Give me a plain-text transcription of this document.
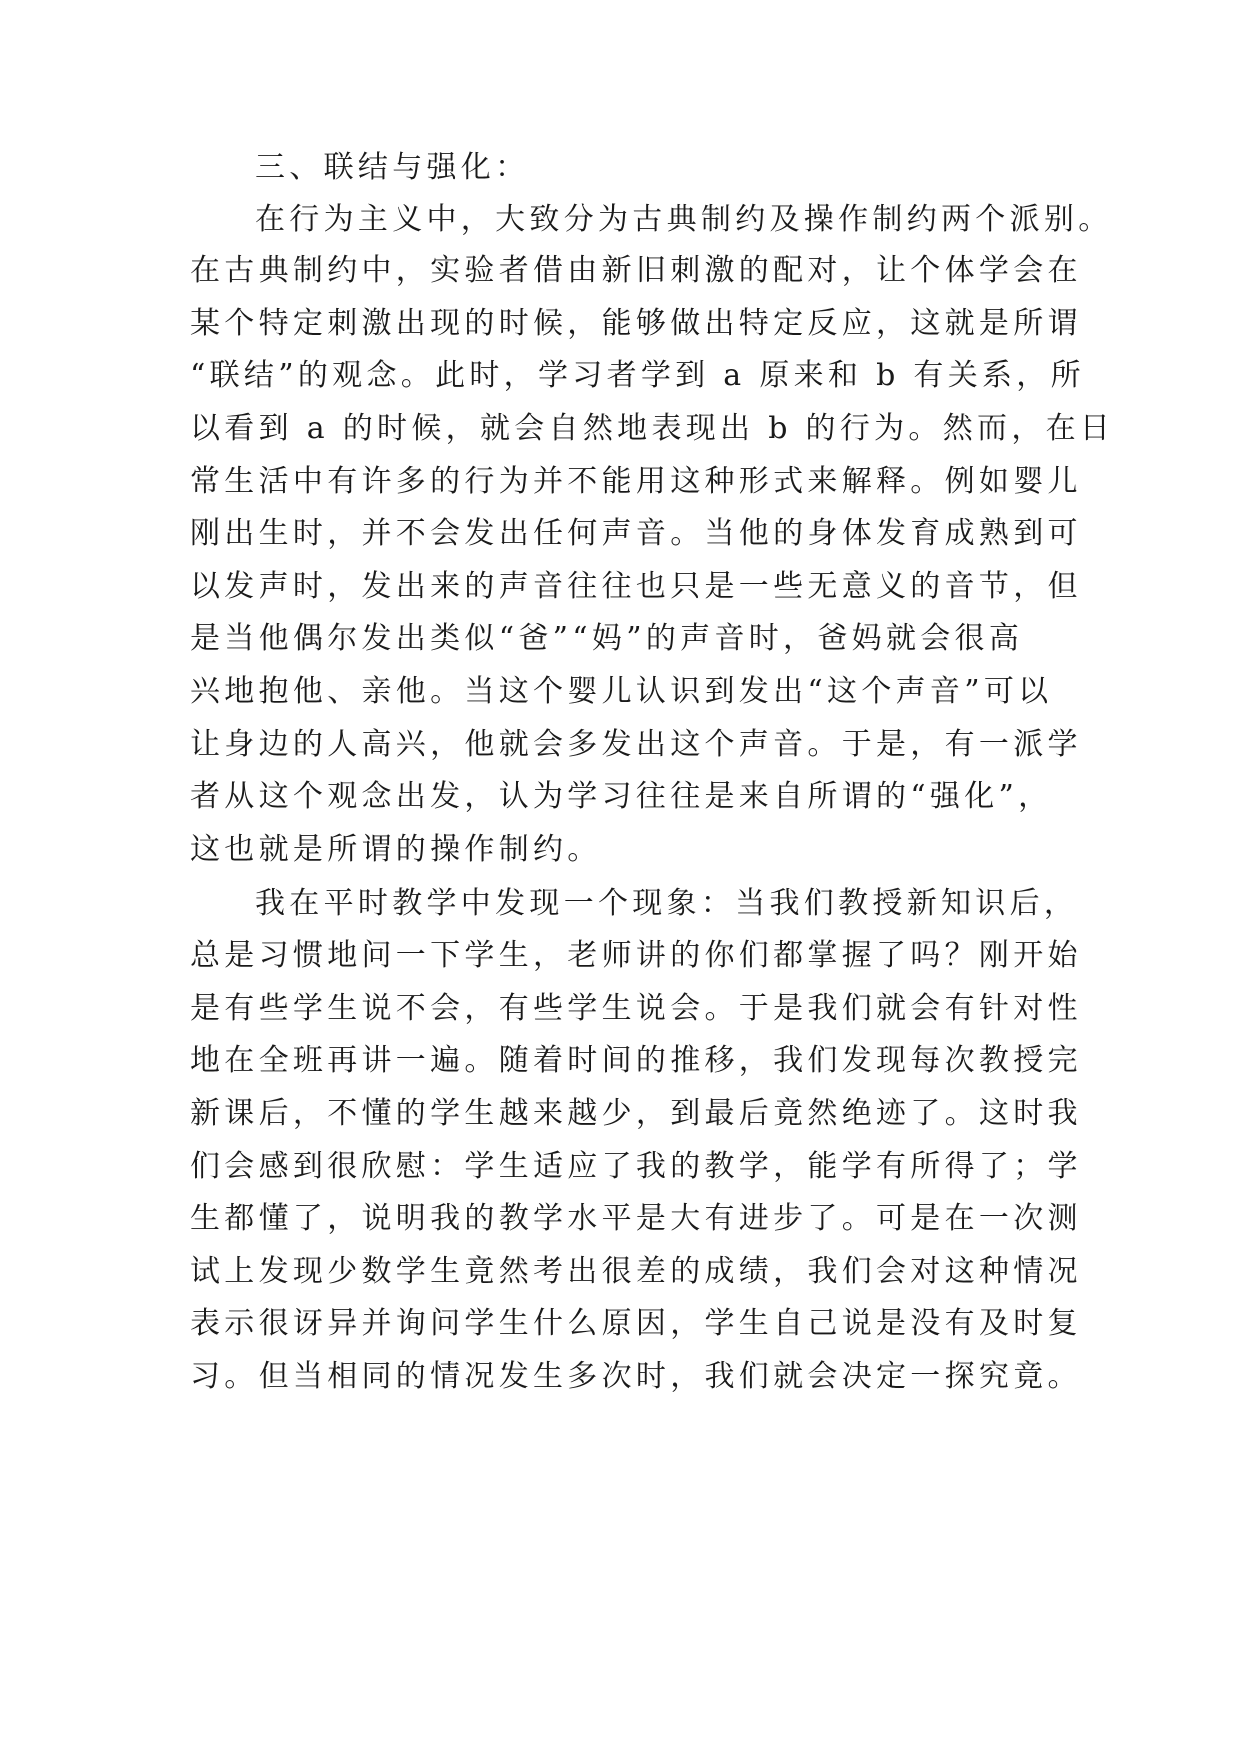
三、联结与强化：
在行为主义中，大致分为古典制约及操作制约两个派别。
在古典制约中，实验者借由新旧刺激的配对，让个体学会在
某个特定刺激出现的时候，能够做出特定反应，这就是所谓
“联结”的观念。此时，学习者学到 a 原来和 b 有关系，所
以看到 a 的时候，就会自然地表现出 b 的行为。然而，在日
常生活中有许多的行为并不能用这种形式来解释。例如婴儿
刚出生时，并不会发出任何声音。当他的身体发育成熟到可
以发声时，发出来的声音往往也只是一些无意义的音节，但
是当他偶尔发出类似“爸”“妈”的声音时，爸妈就会很高
兴地抱他、亲他。当这个婴儿认识到发出“这个声音”可以
让身边的人高兴，他就会多发出这个声音。于是，有一派学
者从这个观念出发，认为学习往往是来自所谓的“强化”，
这也就是所谓的操作制约。
我在平时教学中发现一个现象：当我们教授新知识后，
总是习惯地问一下学生，老师讲的你们都掌握了吗？刚开始
是有些学生说不会，有些学生说会。于是我们就会有针对性
地在全班再讲一遍。随着时间的推移，我们发现每次教授完
新课后，不懂的学生越来越少，到最后竟然绝迹了。这时我
们会感到很欣慰：学生适应了我的教学，能学有所得了；学
生都懂了，说明我的教学水平是大有进步了。可是在一次测
试上发现少数学生竟然考出很差的成绩，我们会对这种情况
表示很讶异并询问学生什么原因，学生自己说是没有及时复
习。但当相同的情况发生多次时，我们就会决定一探究竟。
